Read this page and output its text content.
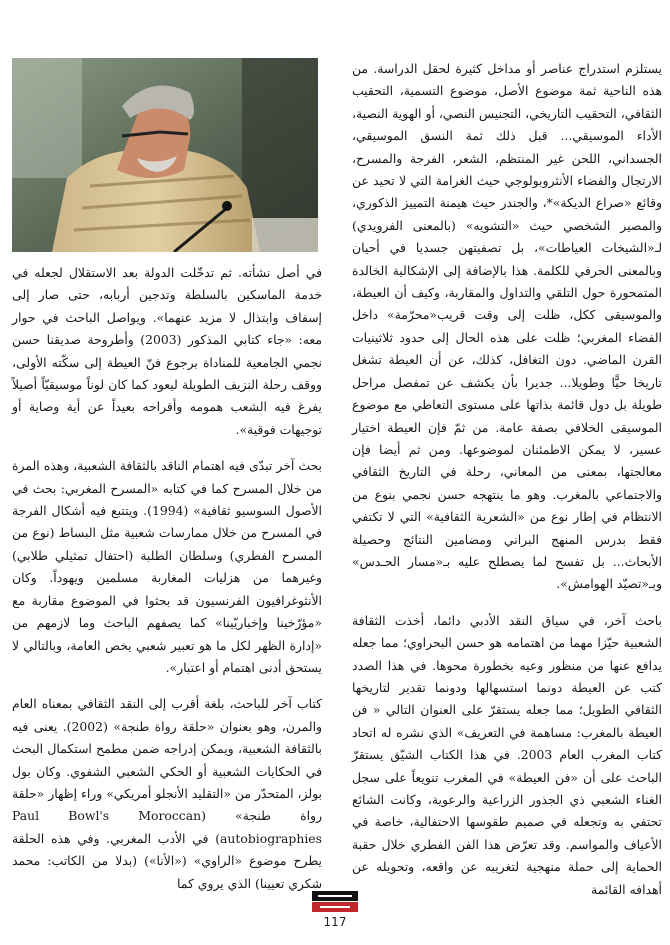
يستلزم استدراج عناصر أو مداخل كثيرة لحقل الدراسة. من هذه الناحية ثمة موضوع الأصل، موضوع التسمية، التحقيب الثقافي، التحقيب التاريخي، التجنيس النصي، أو الهوية النصية، الأداء الموسيقي... قبل ذلك ثمة النسق الموسيقي، الجسداني، اللحن غير المنتظم، الشعر، الفرجة والمسرح، الارتجال والفضاء الأنثروبولوجي حيث الغرامة التي لا تحيد عن وقائع «صراع الديكة»*، والجندر حيث هيمنة التمييز الذكوري، والمصير الشخصي حيث «التشويه» (بالمعنى الفرويدي) لـ«الشيخات العياطات»، بل تصفيتهن جسديا في أحيان وبالمعنى الحرفي للكلمة. هذا بالإضافة إلى الإشكالية الخالدة المتمحورة حول التلقي والتداول والمقاربة، وكيف أن العيطة، والموسيقى ككل، ظلت إلى وقت قريب«محرّمة» داخل الفضاء المغربي؛ ظلت على هذه الحال إلى حدود ثلاثينيات القرن الماضي. دون التغافل، كذلك، عن أن العيطة تشغل تاريخا حيًّا وطويلا... جديرا بأن يكشف عن تمفصل مراحل طويلة بل دول قائمة بذاتها على مستوى التعاطي مع موضوع الموسيقى الخلافي بصفة عامة. من ثمّ فإن العيطة اختيار عسير، لا يمكن الاطمئنان لموضوعها. ومن ثم أيضا فإن معالجتها، بمعنى من المعاني، رحلة في التاريخ الثقافي والاجتماعي بالمغرب. وهو ما ينتهجه حسن نجمي بنوع من الانتظام في إطار نوع من «الشعرية الثقافية» التي لا تكتفي فقط بدرس المنهج البراني ومضامين النتائج وحصيلة الأبحاث... بل تفسح لما يصطلح عليه بـ«مسار الحـدس» وبـ«تصيّد الهوامش».

باحث آخر، في سياق النقد الأدبي دائما، أخذت الثقافة الشعبية حيّزا مهما من اهتمامه هو حسن البحراوي؛ مما جعله يدافع عنها من منظور وعيه بخطورة محوها. في هذا الصدد كتب عن العيطة دونما استسهالها ودونما تقدير لتاريخها الثقافي الطويل؛ مما جعله يستقرّ على العنوان التالي « فن العيطة بالمغرب: مساهمة في التعريف» الذي نشره له اتحاد كتاب المغرب العام 2003. في هذا الكتاب الشيّق يستقرّ الباحث على أن «فن العيطة» في المغرب تنويعاً على سجل الغناء الشعبي ذي الجذور الزراعية والرعوية، وكانت الشائع تحتفي به وتجعله في صميم طقوسها الاحتفالية، خاصة في الأعياف والمواسم. وقد تعرّض هذا الفن الفطري خلال حقبة الحماية إلى حملة منهجية لتغريبه عن واقعه، وتحويله عن أهدافه القائمة

في أصل نشأته. ثم تدخّلت الدولة بعد الاستقلال لجعله في خدمة الماسكين بالسلطة وتدجين أربابه، حتى صار إلى إسفاف وابتذال لا مزيد عنهما». ويواصل الباحث في حوار معه: «جاء كتابي المذكور (2003) وأطروحة صديقنا حسن نجمي الجامعية للمناداة برجوع فنّ العيطة إلى سكّته الأولى، ووقف رحلة النزيف الطويلة ليعود كما كان لوناً موسيقيّاً أصيلاً يفرغ فيه الشعب همومه وأفراحه بعيداً عن أية وصاية أو توجيهات فوقية».

بحث آخر تبدّى فيه اهتمام الناقد بالثقافة الشعبية، وهذه المرة من خلال المسرح كما في كتابه «المسرح المغربي: بحث في الأصول السوسيو ثقافية» (1994). ويتتبع فيه أشكال الفرجة في المسرح من خلال ممارسات شعبية مثل البساط (نوع من المسرح الفطري) وسلطان الطلبة (احتفال تمثيلي طلابي) وغيرهما من هزليات المغاربة مسلمين ويهوداً. وكان الأنثوغرافيون الفرنسيون قد بحثوا في الموضوع مقاربة مع «مؤرّخينا وإخباريّينا» كما يصفهم الباحث وما لازمهم من «إدارة الظهر لكل ما هو تعبير شعبي يخص العامة، وبالتالي لا يستحق أدنى اهتمام أو اعتبار».

كتاب آخر للباحث، بلغة أقرب إلى النقد الثقافي بمعناه العام والمرن، وهو بعنوان «حلقة رواة طنجة» (2002). يعنى فيه بالثقافة الشعبية، ويمكن إدراجه ضمن مطمح استكمال البحث في الحكايات الشعبية أو الحكي الشعبي الشفوي. وكان بول بولز، المتحدّر من «التقليد الأنجلو أمريكي» وراء إظهار «حلقة رواة طنجة» (Paul Bowl's Moroccan autobiographies) في الأدب المغربي. وفي هذه الحلقة يطرح موضوع «الراوي» («الأنا») (بدلا من الكاتب: محمد شكري تعيينا) الذي يروي كما

117
